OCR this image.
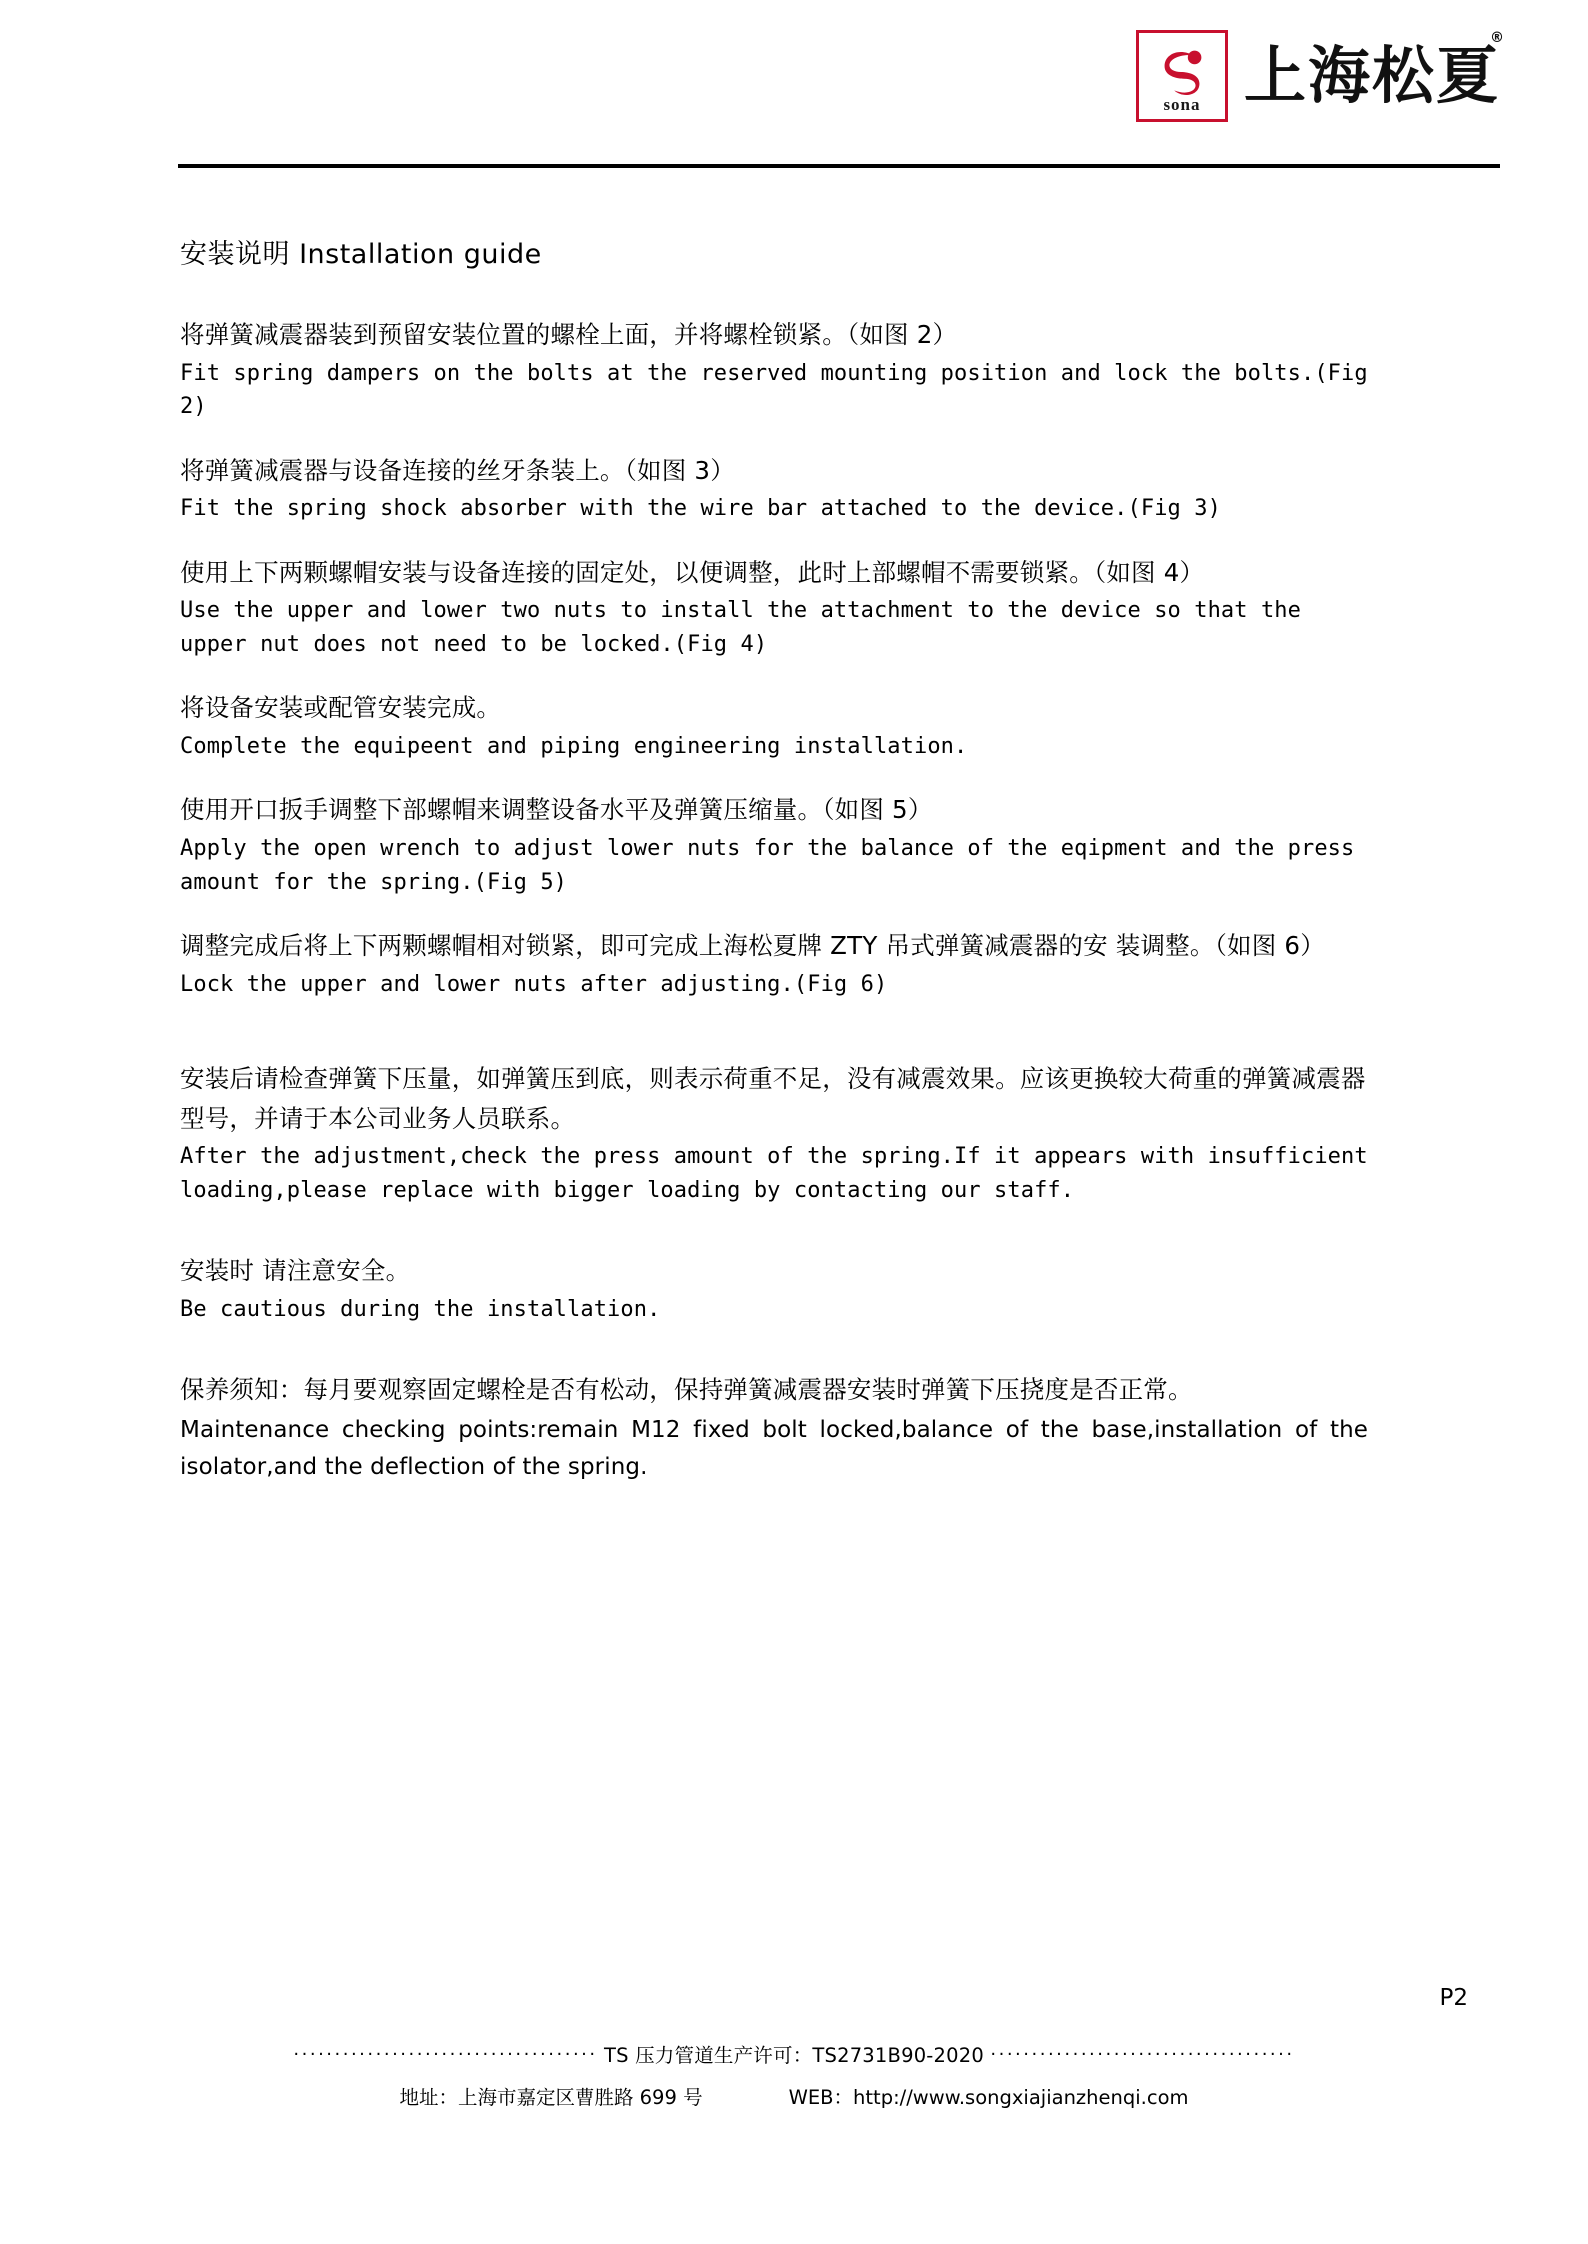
sona 上海松夏
®
安装说明 Installation guide

将弹簧减震器装到预留安装位置的螺栓上面，并将螺栓锁紧。（如图 2）

Fit spring dampers on the bolts at the reserved mounting position and lock the bolts.(Fig 2)

将弹簧减震器与设备连接的丝牙条装上。（如图 3）

Fit the spring shock absorber with the wire bar attached to the device.(Fig 3)

使用上下两颗螺帽安装与设备连接的固定处，以便调整，此时上部螺帽不需要锁紧。（如图 4）

Use the upper and lower two nuts to install the attachment to the device so that the upper nut does not need to be locked.(Fig 4)

将设备安装或配管安装完成。

Complete the equipeent and piping engineering installation.

使用开口扳手调整下部螺帽来调整设备水平及弹簧压缩量。（如图 5）

Apply the open wrench to adjust lower nuts for the balance of the eqipment and the press amount for the spring.(Fig 5)

调整完成后将上下两颗螺帽相对锁紧，即可完成上海松夏牌 ZTY 吊式弹簧减震器的安 装调整。（如图 6）

Lock the upper and lower nuts after adjusting.(Fig 6)

安装后请检查弹簧下压量，如弹簧压到底，则表示荷重不足，没有减震效果。应该更换较大荷重的弹簧减震器型号，并请于本公司业务人员联系。

After the adjustment,check the press amount of the spring.If it appears with insufficient loading,please replace with bigger loading by contacting our staff.

安装时 请注意安全。

Be cautious during the installation.

保养须知：每月要观察固定螺栓是否有松动，保持弹簧减震器安装时弹簧下压挠度是否正常。

Maintenance checking points:remain M12 fixed bolt locked,balance of the base,installation of the isolator,and the deflection of the spring.

P2
····································· TS 压力管道生产许可：TS2731B90-2020 ·····································
地址：上海市嘉定区曹胜路 699 号	WEB：http://www.songxiajianzhenqi.com
